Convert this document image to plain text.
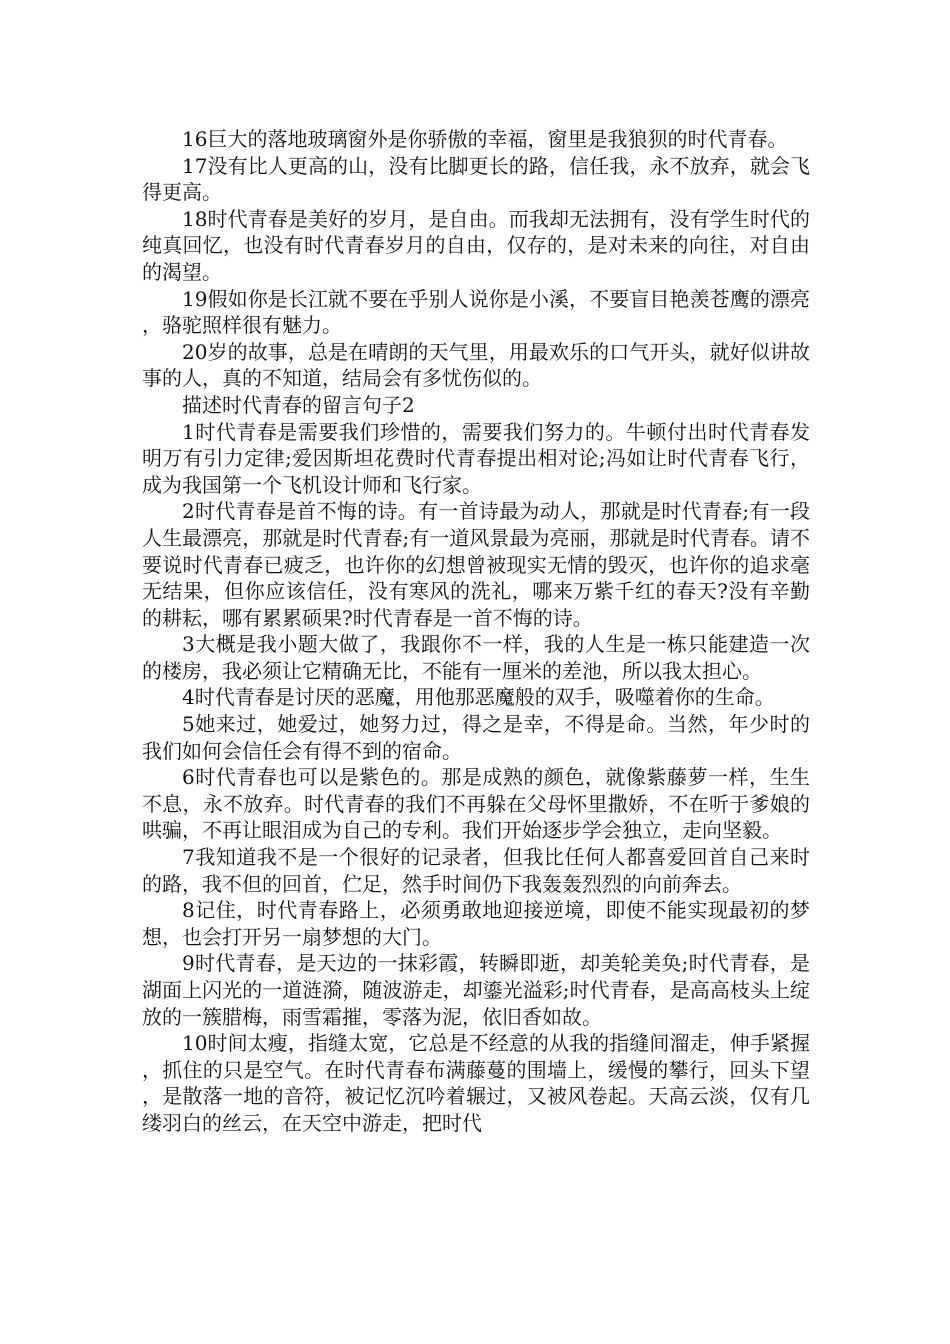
16巨大的落地玻璃窗外是你骄傲的幸福，窗里是我狼狈的时代青春。

17没有比人更高的山，没有比脚更长的路，信任我，永不放弃，就会飞得更高。

18时代青春是美好的岁月，是自由。而我却无法拥有，没有学生时代的纯真回忆，也没有时代青春岁月的自由，仅存的，是对未来的向往，对自由的渴望。

19假如你是长江就不要在乎别人说你是小溪，不要盲目艳羡苍鹰的漂亮，骆驼照样很有魅力。

20岁的故事，总是在晴朗的天气里，用最欢乐的口气开头，就好似讲故事的人，真的不知道，结局会有多忧伤似的。

描述时代青春的留言句子2

1时代青春是需要我们珍惜的，需要我们努力的。牛顿付出时代青春发明万有引力定律;爱因斯坦花费时代青春提出相对论;冯如让时代青春飞行，成为我国第一个飞机设计师和飞行家。

2时代青春是首不悔的诗。有一首诗最为动人，那就是时代青春;有一段人生最漂亮，那就是时代青春;有一道风景最为亮丽，那就是时代青春。请不要说时代青春已疲乏，也许你的幻想曾被现实无情的毁灭，也许你的追求毫无结果，但你应该信任，没有寒风的洗礼，哪来万紫千红的春天?没有辛勤的耕耘，哪有累累硕果?时代青春是一首不悔的诗。

3大概是我小题大做了，我跟你不一样，我的人生是一栋只能建造一次的楼房，我必须让它精确无比，不能有一厘米的差池，所以我太担心。

4时代青春是讨厌的恶魔，用他那恶魔般的双手，吸噬着你的生命。

5她来过，她爱过，她努力过，得之是幸，不得是命。当然，年少时的我们如何会信任会有得不到的宿命。

6时代青春也可以是紫色的。那是成熟的颜色，就像紫藤萝一样，生生不息，永不放弃。时代青春的我们不再躲在父母怀里撒娇，不在听于爹娘的哄骗，不再让眼泪成为自己的专利。我们开始逐步学会独立，走向坚毅。

7我知道我不是一个很好的记录者，但我比任何人都喜爱回首自己来时的路，我不但的回首，伫足，然手时间仍下我轰轰烈烈的向前奔去。

8记住，时代青春路上，必须勇敢地迎接逆境，即使不能实现最初的梦想，也会打开另一扇梦想的大门。

9时代青春，是天边的一抹彩霞，转瞬即逝，却美轮美奂;时代青春，是湖面上闪光的一道涟漪，随波游走，却鎏光溢彩;时代青春，是高高枝头上绽放的一簇腊梅，雨雪霜摧，零落为泥，依旧香如故。

10时间太瘦，指缝太宽，它总是不经意的从我的指缝间溜走，伸手紧握，抓住的只是空气。在时代青春布满藤蔓的围墙上，缓慢的攀行，回头下望，是散落一地的音符，被记忆沉吟着辗过，又被风卷起。天高云淡，仅有几缕羽白的丝云，在天空中游走，把时代
